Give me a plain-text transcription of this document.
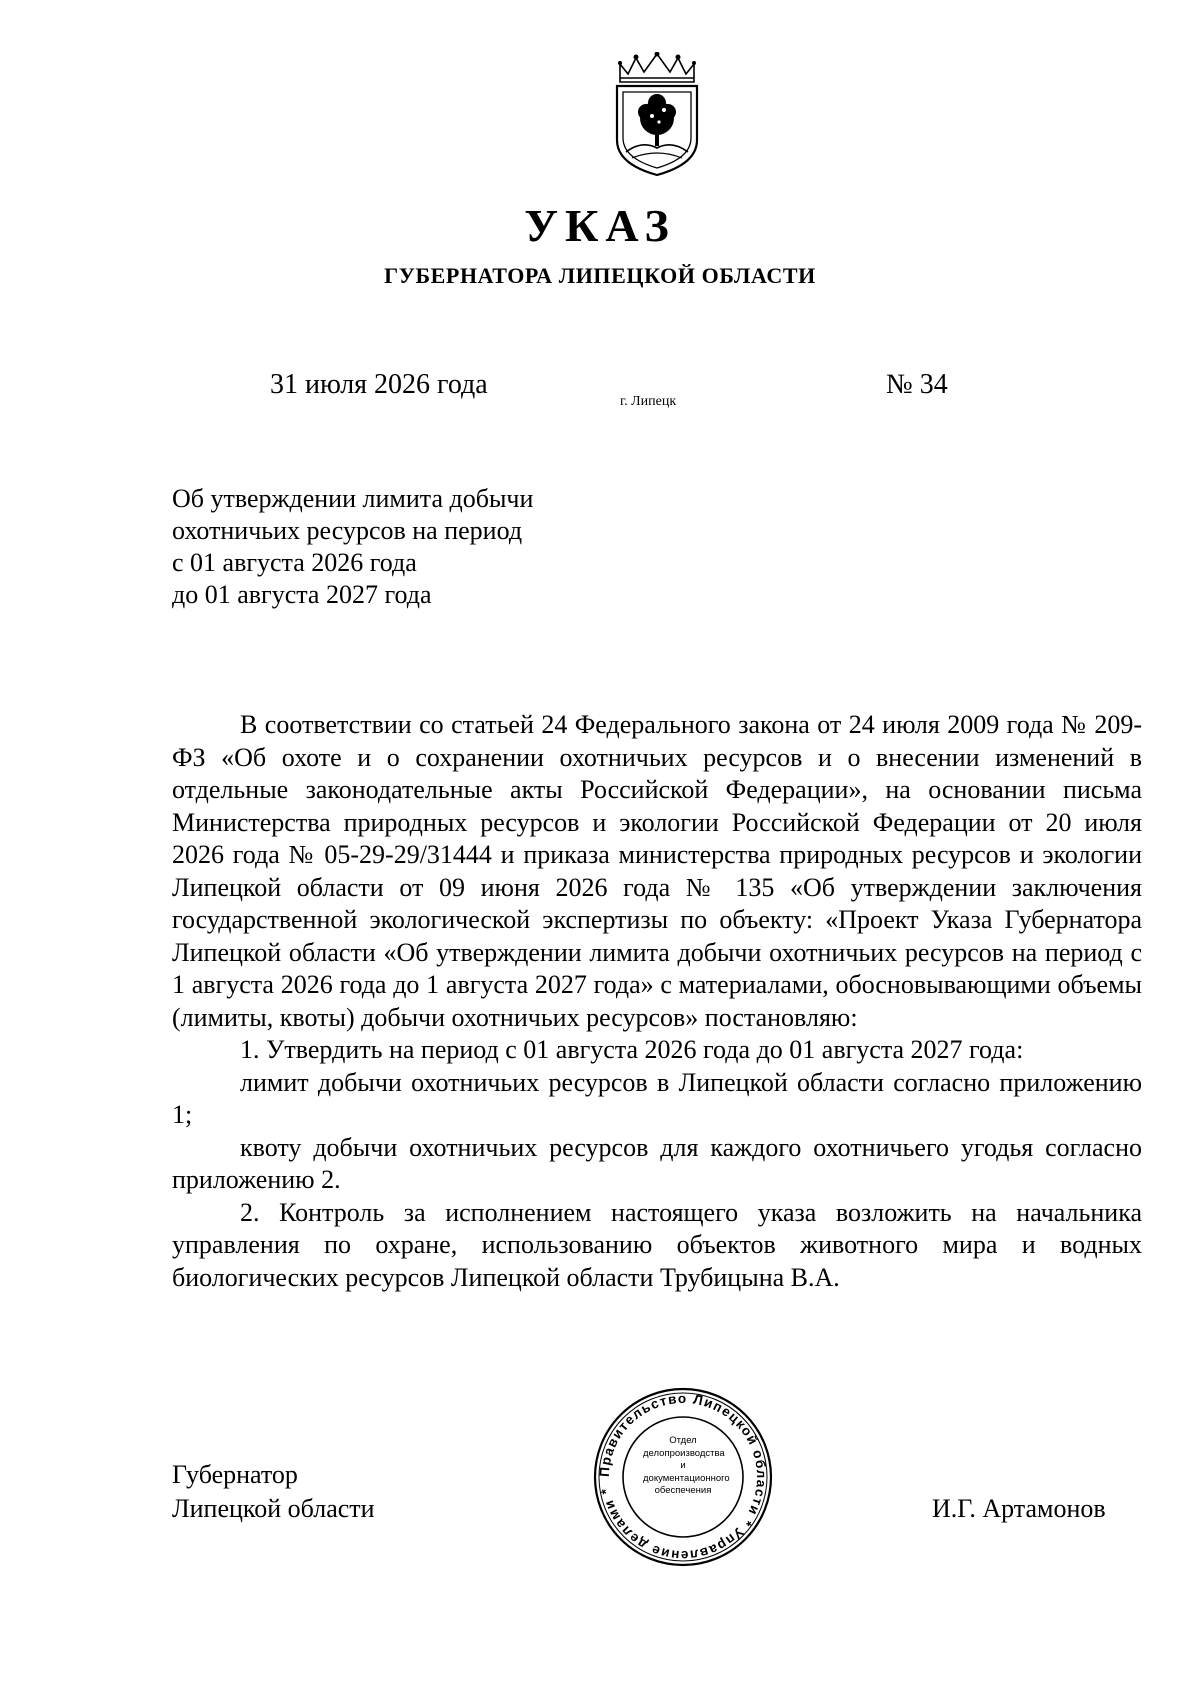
УКАЗ
ГУБЕРНАТОРА ЛИПЕЦКОЙ ОБЛАСТИ
31 июля 2026 года
г. Липецк
№ 34
Об утверждении лимита добычи
охотничьих ресурсов на период
с 01 августа 2026 года
до 01 августа 2027 года

В соответствии со статьей 24 Федерального закона от 24 июля 2009 года № 209-ФЗ «Об охоте и о сохранении охотничьих ресурсов и о внесении изменений в отдельные законодательные акты Российской Федерации», на основании письма Министерства природных ресурсов и экологии Российской Федерации от 20 июля 2026 года № 05-29-29/31444 и приказа министерства природных ресурсов и экологии Липецкой области от 09 июня 2026 года № 135 «Об утверждении заключения государственной экологической экспертизы по объекту: «Проект Указа Губернатора Липецкой области «Об утверждении лимита добычи охотничьих ресурсов на период с 1 августа 2026 года до 1 августа 2027 года» с материалами, обосновывающими объемы (лимиты, квоты) добычи охотничьих ресурсов» постановляю:

1. Утвердить на период с 01 августа 2026 года до 01 августа 2027 года:

лимит добычи охотничьих ресурсов в Липецкой области согласно приложению 1;

квоту добычи охотничьих ресурсов для каждого охотничьего угодья согласно приложению 2.

2. Контроль за исполнением настоящего указа возложить на начальника управления по охране, использованию объектов животного мира и водных биологических ресурсов Липецкой области Трубицына В.А.

Губернатор
Липецкой области	И.Г. Артамонов
Правительство Липецкой области * Управление делами *
Отдел
делопроизводства и
документационного
обеспечения
